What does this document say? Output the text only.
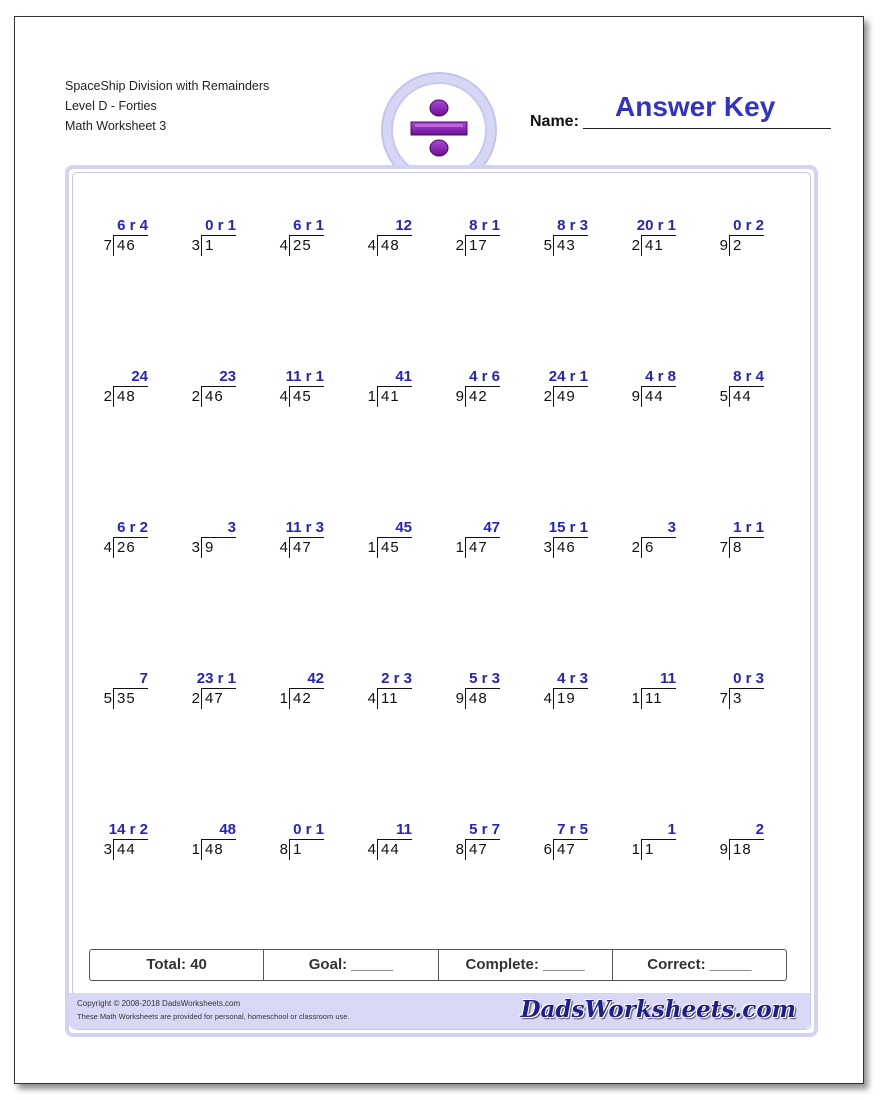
SpaceShip Division with Remainders
Level D - Forties
Math Worksheet 3
Answer Key
Name:
6 r 4
7 46
0 r 1
3 1
6 r 1
4 25
12
4 48
8 r 1
2 17
8 r 3
5 43
20 r 1
2 41
0 r 2
9 2
24
2 48
23
2 46
11 r 1
4 45
41
1 41
4 r 6
9 42
24 r 1
2 49
4 r 8
9 44
8 r 4
5 44
6 r 2
4 26
3
3 9
11 r 3
4 47
45
1 45
47
1 47
15 r 1
3 46
3
2 6
1 r 1
7 8
7
5 35
23 r 1
2 47
42
1 42
2 r 3
4 11
5 r 3
9 48
4 r 3
4 19
11
1 11
0 r 3
7 3
14 r 2
3 44
48
1 48
0 r 1
8 1
11
4 44
5 r 7
8 47
7 r 5
6 47
1
1 1
2
9 18
Total: 40	Goal: _____	Complete: _____	Correct: _____
Copyright © 2008-2018 DadsWorksheets.com
These Math Worksheets are provided for personal, homeschool or classroom use.	DadsWorksheets.com
